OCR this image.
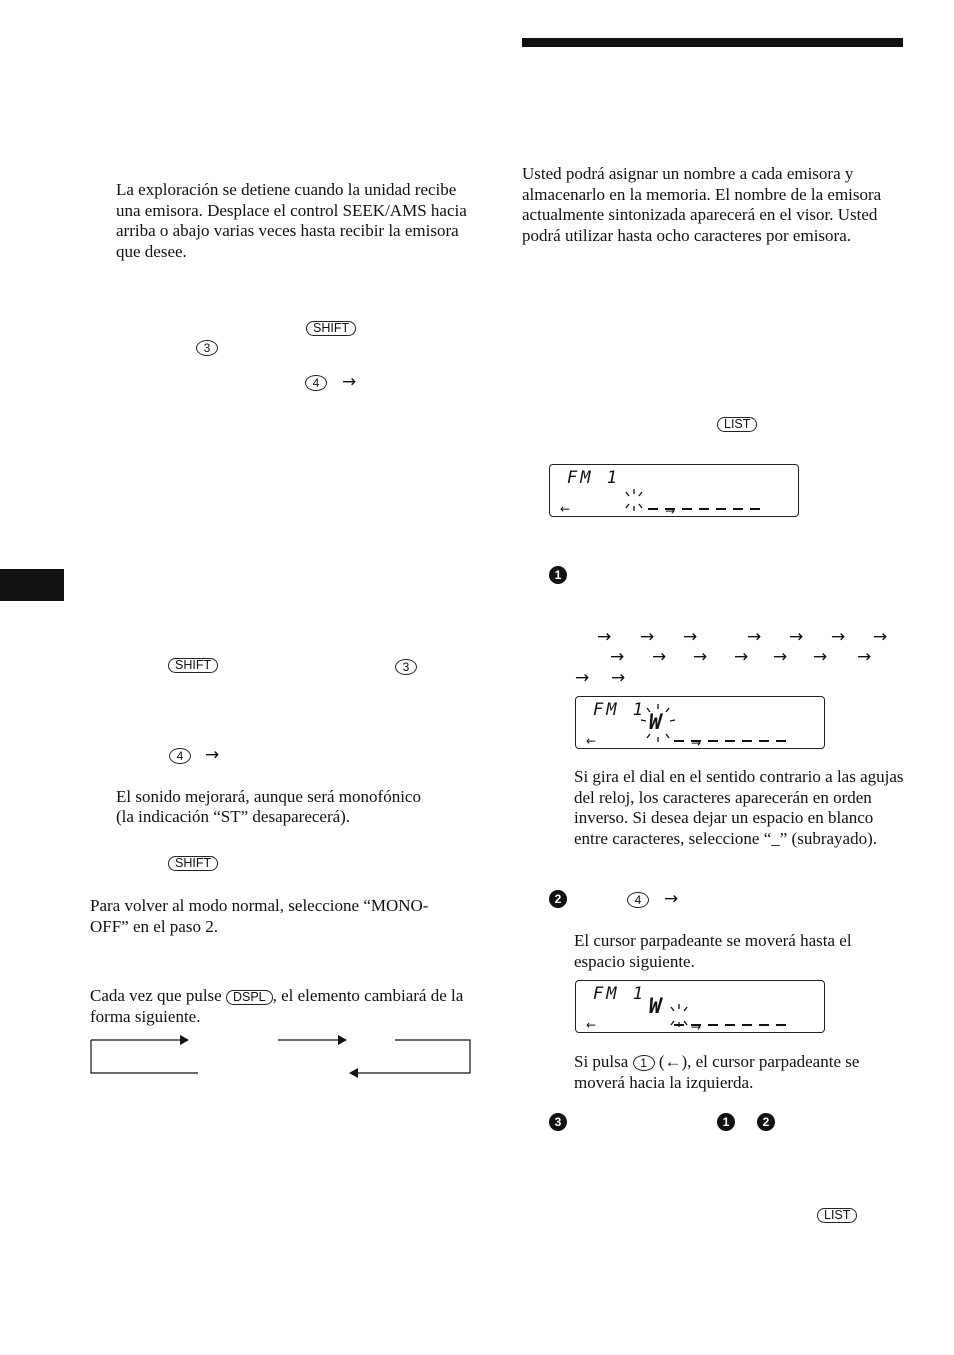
La exploración se detiene cuando la unidad recibe una emisora. Desplace el control SEEK/AMS hacia arriba o abajo varias veces hasta recibir la emisora que desee.

SHIFT
3
4	→
SHIFT	3
4	→

El sonido mejorará, aunque será monofónico

(la indicación “ST” desaparecerá).

SHIFT

Para volver al modo normal, seleccione “MONO-OFF” en el paso 2.

Cada vez que pulse DSPL , el elemento cambiará de la forma siguiente.

Usted podrá asignar un nombre a cada emisora y almacenarlo en la memoria. El nombre de la emisora actualmente sintonizada aparecerá en el visor. Usted podrá utilizar hasta ocho caracteres por emisora.

LIST
FM 1
←	→
1
→ → →	→ → → →
→ → → → → → →
→ →
FM 1 W
←	→

Si gira el dial en el sentido contrario a las agujas del reloj, los caracteres aparecerán en orden inverso. Si desea dejar un espacio en blanco entre caracteres, seleccione “_” (subrayado).

2	4	→

El cursor parpadeante se moverá hasta el espacio siguiente.

FM 1 W
←	→

Si pulsa 1 (←), el cursor parpadeante se moverá hacia la izquierda.

3	1	2
LIST
